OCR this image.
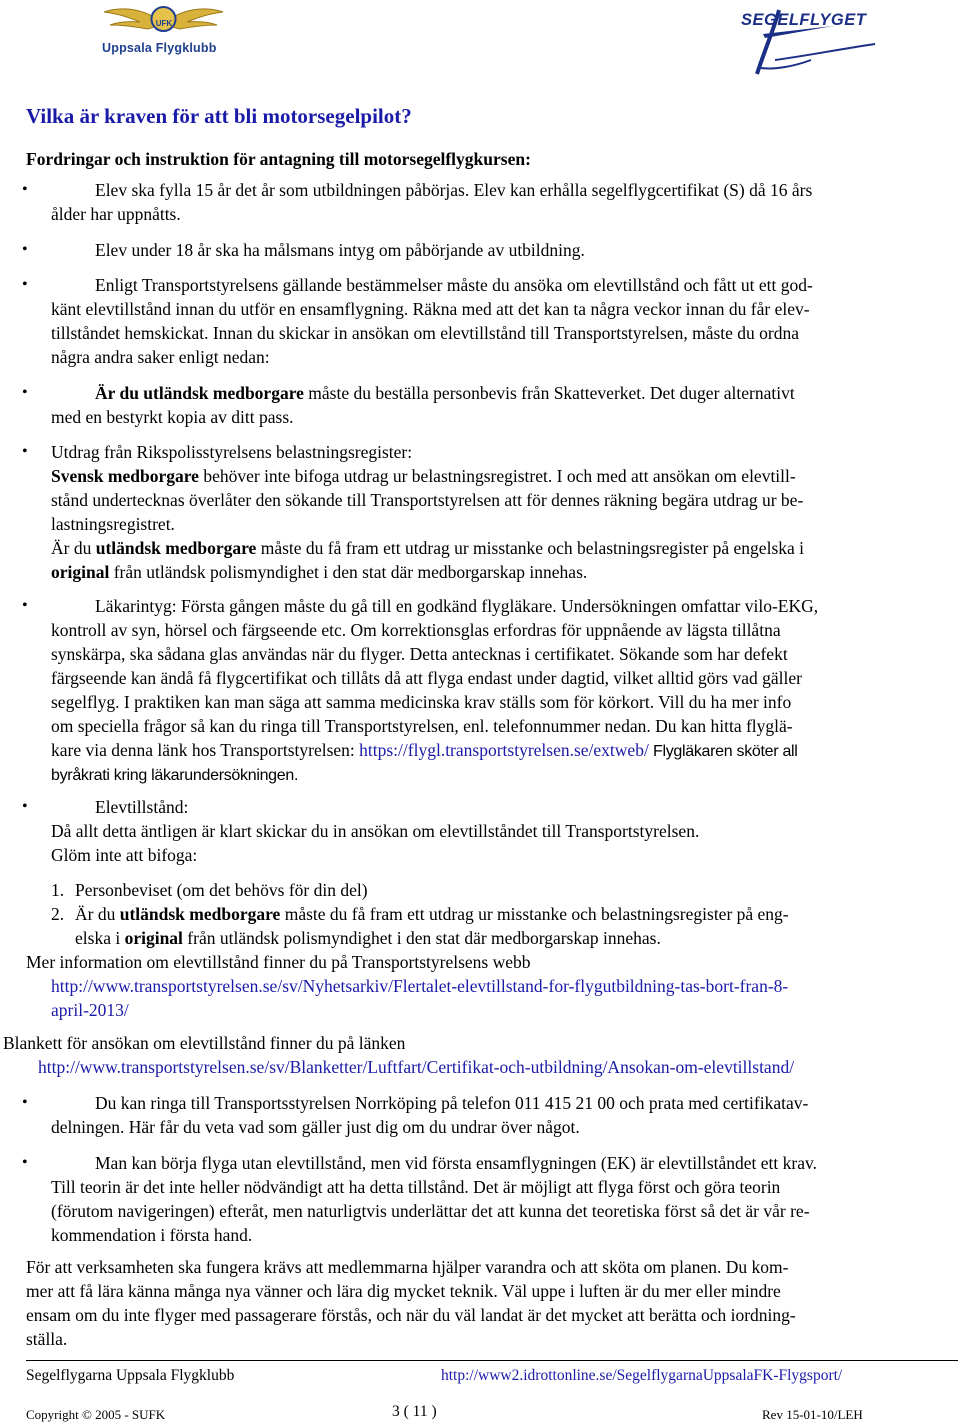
UFK
Uppsala Flygklubb
SEGELFLYGET
Vilka är kraven för att bli motorsegelpilot?
Fordringar och instruktion för antagning till motorsegelflygkursen:
•	Elev ska fylla 15 år det år som utbildningen påbörjas. Elev kan erhålla segelflygcertifikat (S) då 16 års
ålder har uppnåtts.
•	Elev under 18 år ska ha målsmans intyg om påbörjande av utbildning.
•	Enligt Transportstyrelsens gällande bestämmelser måste du ansöka om elevtillstånd och fått ut ett god-
känt elevtillstånd innan du utför en ensamflygning. Räkna med att det kan ta några veckor innan du får elev-
tillståndet hemskickat. Innan du skickar in ansökan om elevtillstånd till Transportstyrelsen, måste du ordna
några andra saker enligt nedan:
•	Är du utländsk medborgare måste du beställa personbevis från Skatteverket. Det duger alternativt
med en bestyrkt kopia av ditt pass.
• Utdrag från Rikspolisstyrelsens belastningsregister:
Svensk medborgare behöver inte bifoga utdrag ur belastningsregistret. I och med att ansökan om elevtill-
stånd undertecknas överlåter den sökande till Transportstyrelsen att för dennes räkning begära utdrag ur be-
lastningsregistret.
Är du utländsk medborgare måste du få fram ett utdrag ur misstanke och belastningsregister på engelska i
original från utländsk polismyndighet i den stat där medborgarskap innehas.
•	Läkarintyg: Första gången måste du gå till en godkänd flygläkare. Undersökningen omfattar vilo-EKG,
kontroll av syn, hörsel och färgseende etc. Om korrektionsglas erfordras för uppnående av lägsta tillåtna
synskärpa, ska sådana glas användas när du flyger. Detta antecknas i certifikatet. Sökande som har defekt
färgseende kan ändå få flygcertifikat och tillåts då att flyga endast under dagtid, vilket alltid görs vad gäller
segelflyg. I praktiken kan man säga att samma medicinska krav ställs som för körkort. Vill du ha mer info
om speciella frågor så kan du ringa till Transportstyrelsen, enl. telefonnummer nedan. Du kan hitta flyglä-
kare via denna länk hos Transportstyrelsen: https://flygl.transportstyrelsen.se/extweb/ Flygläkaren sköter all
byråkrati kring läkarundersökningen.
•	Elevtillstånd:
Då allt detta äntligen är klart skickar du in ansökan om elevtillståndet till Transportstyrelsen.
Glöm inte att bifoga:
1. Personbeviset (om det behövs för din del)
2. Är du utländsk medborgare måste du få fram ett utdrag ur misstanke och belastningsregister på eng-
elska i original från utländsk polismyndighet i den stat där medborgarskap innehas.
Mer information om elevtillstånd finner du på Transportstyrelsens webb
http://www.transportstyrelsen.se/sv/Nyhetsarkiv/Flertalet-elevtillstand-for-flygutbildning-tas-bort-fran-8-
april-2013/
Blankett för ansökan om elevtillstånd finner du på länken
http://www.transportstyrelsen.se/sv/Blanketter/Luftfart/Certifikat-och-utbildning/Ansokan-om-elevtillstand/
•	Du kan ringa till Transportsstyrelsen Norrköping på telefon 011 415 21 00 och prata med certifikatav-
delningen. Här får du veta vad som gäller just dig om du undrar över något.
•	Man kan börja flyga utan elevtillstånd, men vid första ensamflygningen (EK) är elevtillståndet ett krav.
Till teorin är det inte heller nödvändigt att ha detta tillstånd. Det är möjligt att flyga först och göra teorin
(förutom navigeringen) efteråt, men naturligtvis underlättar det att kunna det teoretiska först så det är vår re-
kommendation i första hand.
För att verksamheten ska fungera krävs att medlemmarna hjälper varandra och att sköta om planen. Du kom-
mer att få lära känna många nya vänner och lära dig mycket teknik. Väl uppe i luften är du mer eller mindre
ensam om du inte flyger med passagerare förstås, och när du väl landat är det mycket att berätta och iordning-
ställa.
Segelflygarna Uppsala Flygklubb	http://www2.idrottonline.se/SegelflygarnaUppsalaFK-Flygsport/
Copyright © 2005 - SUFK	3 ( 11 )	Rev 15-01-10/LEH
